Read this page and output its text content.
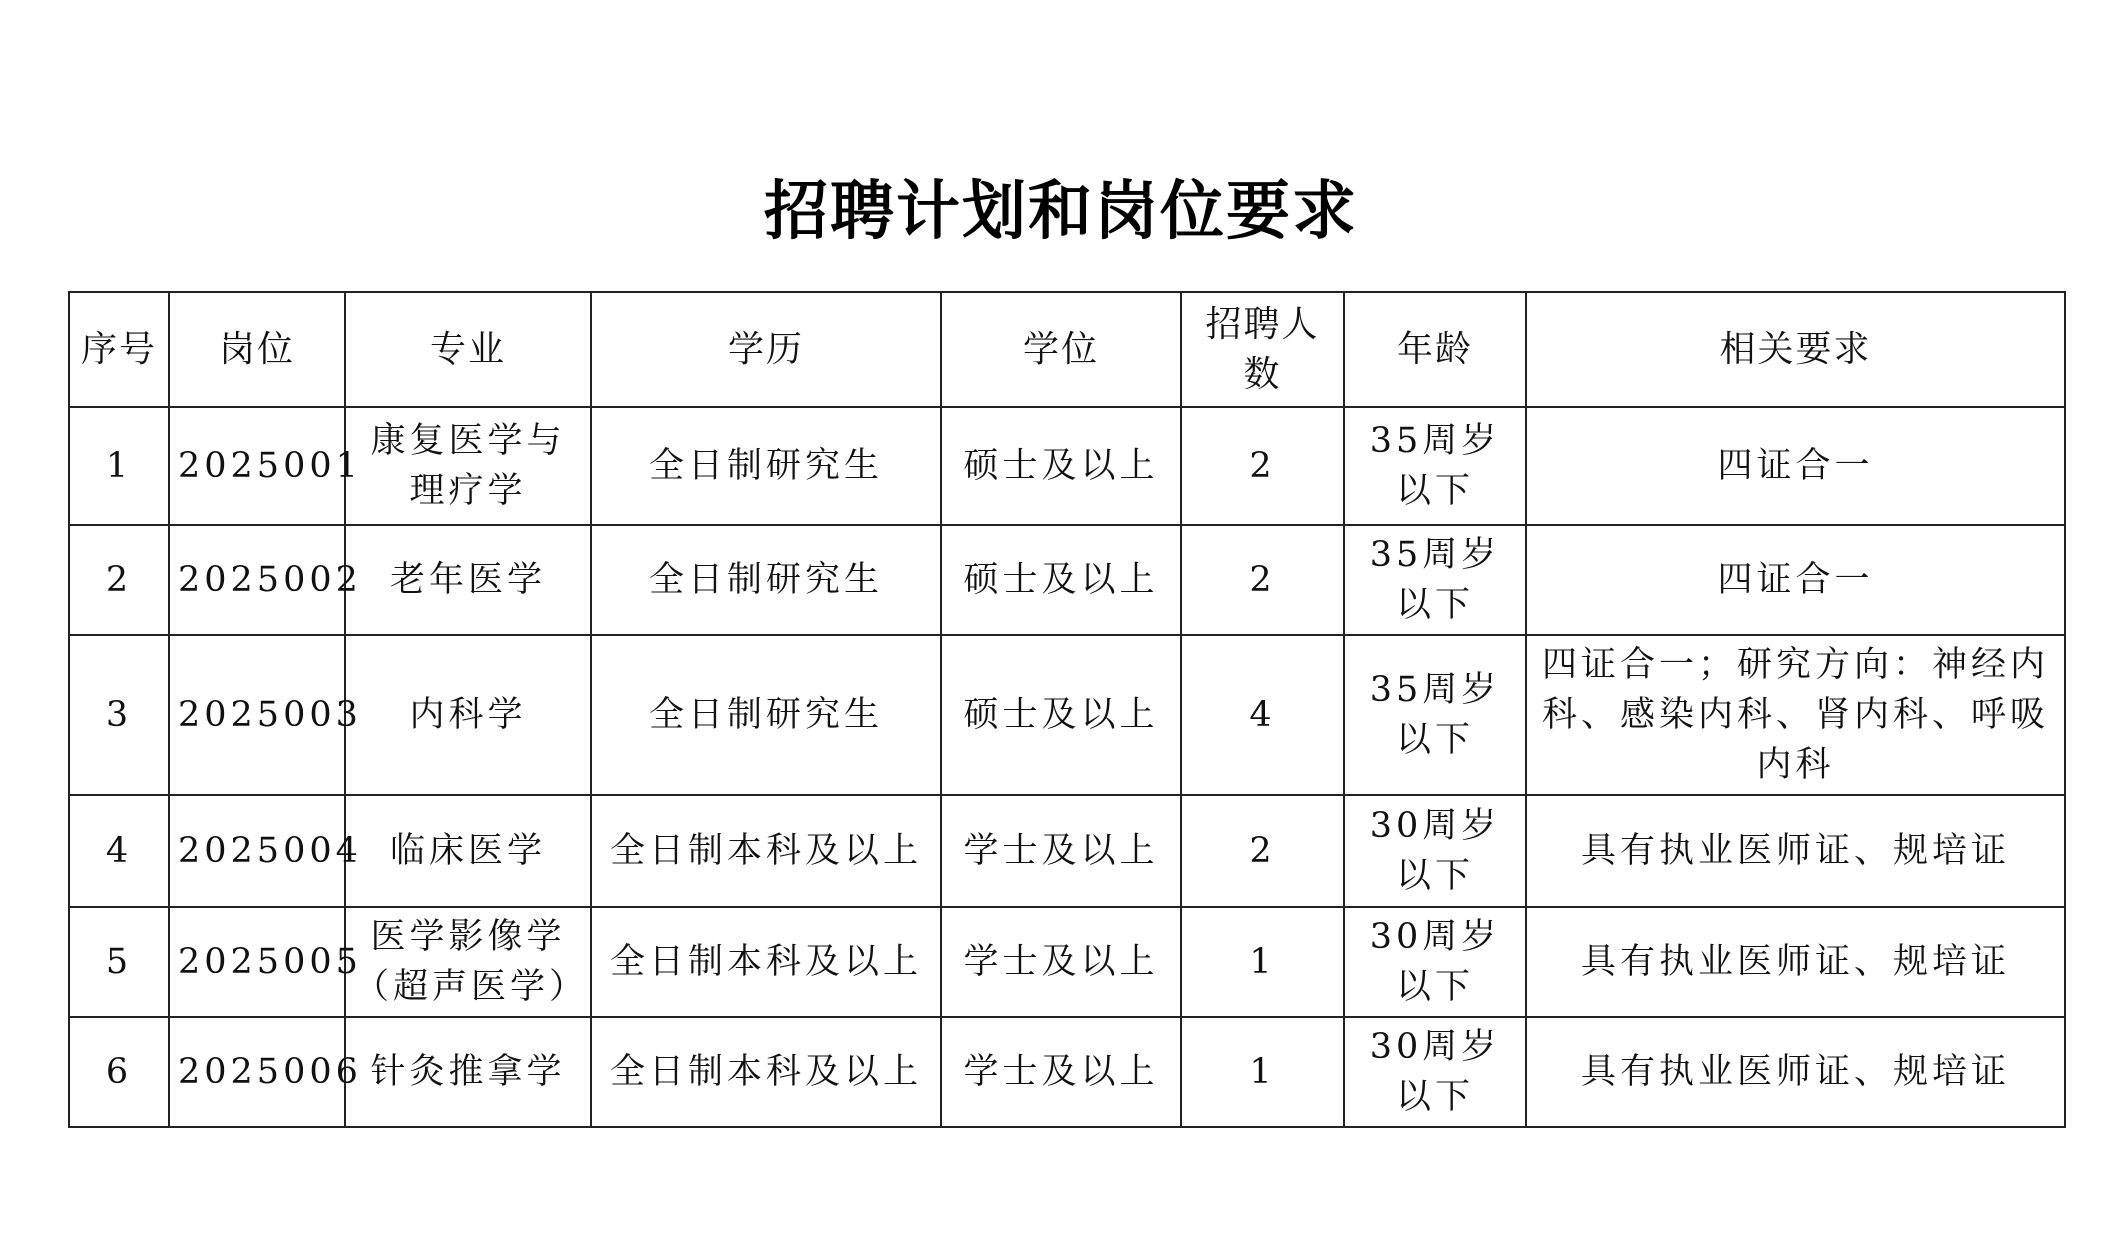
招聘计划和岗位要求
序号	岗位	专业	学历	学位	招聘人数	年龄	相关要求
1	2025001	康复医学与理疗学	全日制研究生	硕士及以上	2	35周岁以下	四证合一
2	2025002	老年医学	全日制研究生	硕士及以上	2	35周岁以下	四证合一
3	2025003	内科学	全日制研究生	硕士及以上	4	35周岁以下	四证合一；研究方向：神经内科、感染内科、肾内科、呼吸内科
4	2025004	临床医学	全日制本科及以上	学士及以上	2	30周岁以下	具有执业医师证、规培证
5	2025005	医学影像学（超声医学）	全日制本科及以上	学士及以上	1	30周岁以下	具有执业医师证、规培证
6	2025006	针灸推拿学	全日制本科及以上	学士及以上	1	30周岁以下	具有执业医师证、规培证
